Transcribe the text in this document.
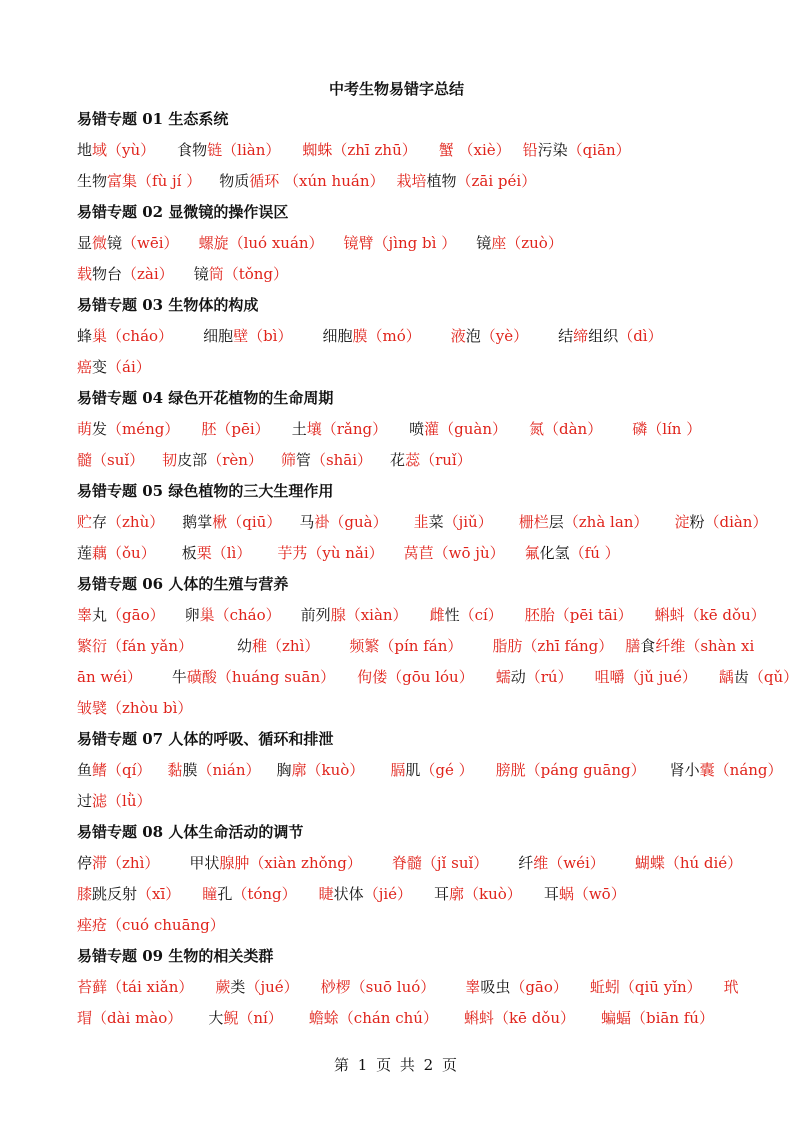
中考生物易错字总结
易错专题 01 生态系统
地域（yù） 食物链（liàn） 蜘蛛（zhī zhū） 蟹 （xiè） 铅污染（qiān）
生物富集（fù jí ） 物质循环 （xún huán） 栽培植物（zāi péi）
易错专题 02 显微镜的操作误区
显微镜（wēi） 螺旋（luó xuán） 镜臂（jìng bì ） 镜座（zuò）
载物台（zài） 镜筒（tǒng）
易错专题 03 生物体的构成
蜂巢（cháo） 细胞壁（bì） 细胞膜（mó） 液泡（yè） 结缔组织（dì）
癌变（ái）
易错专题 04 绿色开花植物的生命周期
萌发（méng） 胚（pēi） 土壤（rǎng） 喷灌（guàn） 氮（dàn） 磷（lín ）
髓（suǐ） 韧皮部（rèn） 筛管（shāi） 花蕊（ruǐ）
易错专题 05 绿色植物的三大生理作用
贮存（zhù） 鹅掌楸（qiū） 马褂（guà） 韭菜（jiǔ） 栅栏层（zhà lan） 淀粉（diàn）
莲藕（ǒu） 板栗（lì） 芋艿（yù nǎi） 莴苣（wō jù） 氟化氢（fú ）
易错专题 06 人体的生殖与营养
睾丸（gāo） 卵巢（cháo） 前列腺（xiàn） 雌性（cí） 胚胎（pēi tāi） 蝌蚪（kē dǒu）
繁衍（fán yǎn）	幼稚（zhì） 频繁（pín fán） 脂肪（zhī fáng） 膳食纤维（shàn xi
ān wéi） 牛磺酸（huáng suān） 佝偻（gōu lóu） 蠕动（rú） 咀嚼（jǔ jué） 龋齿（qǔ）
皱襞（zhòu bì）
易错专题 07 人体的呼吸、循环和排泄
鱼鳍（qí） 黏膜（nián） 胸廓（kuò） 膈肌（gé ） 膀胱（páng guāng） 肾小囊（náng）
过滤（lǜ）
易错专题 08 人体生命活动的调节
停滞（zhì） 甲状腺肿（xiàn zhǒng） 脊髓（jǐ suǐ） 纤维（wéi） 蝴蝶（hú dié）
膝跳反射（xī） 瞳孔（tóng） 睫状体（jié） 耳廓（kuò） 耳蜗（wō）
痤疮（cuó chuāng）
易错专题 09 生物的相关类群
苔藓（tái xiǎn） 蕨类（jué） 桫椤（suō luó） 睾吸虫（gāo） 蚯蚓（qiū yǐn） 玳
瑁（dài mào） 大鲵（ní） 蟾蜍（chán chú） 蝌蚪（kē dǒu） 蝙蝠（biān fú）
第 1 页 共 2 页
